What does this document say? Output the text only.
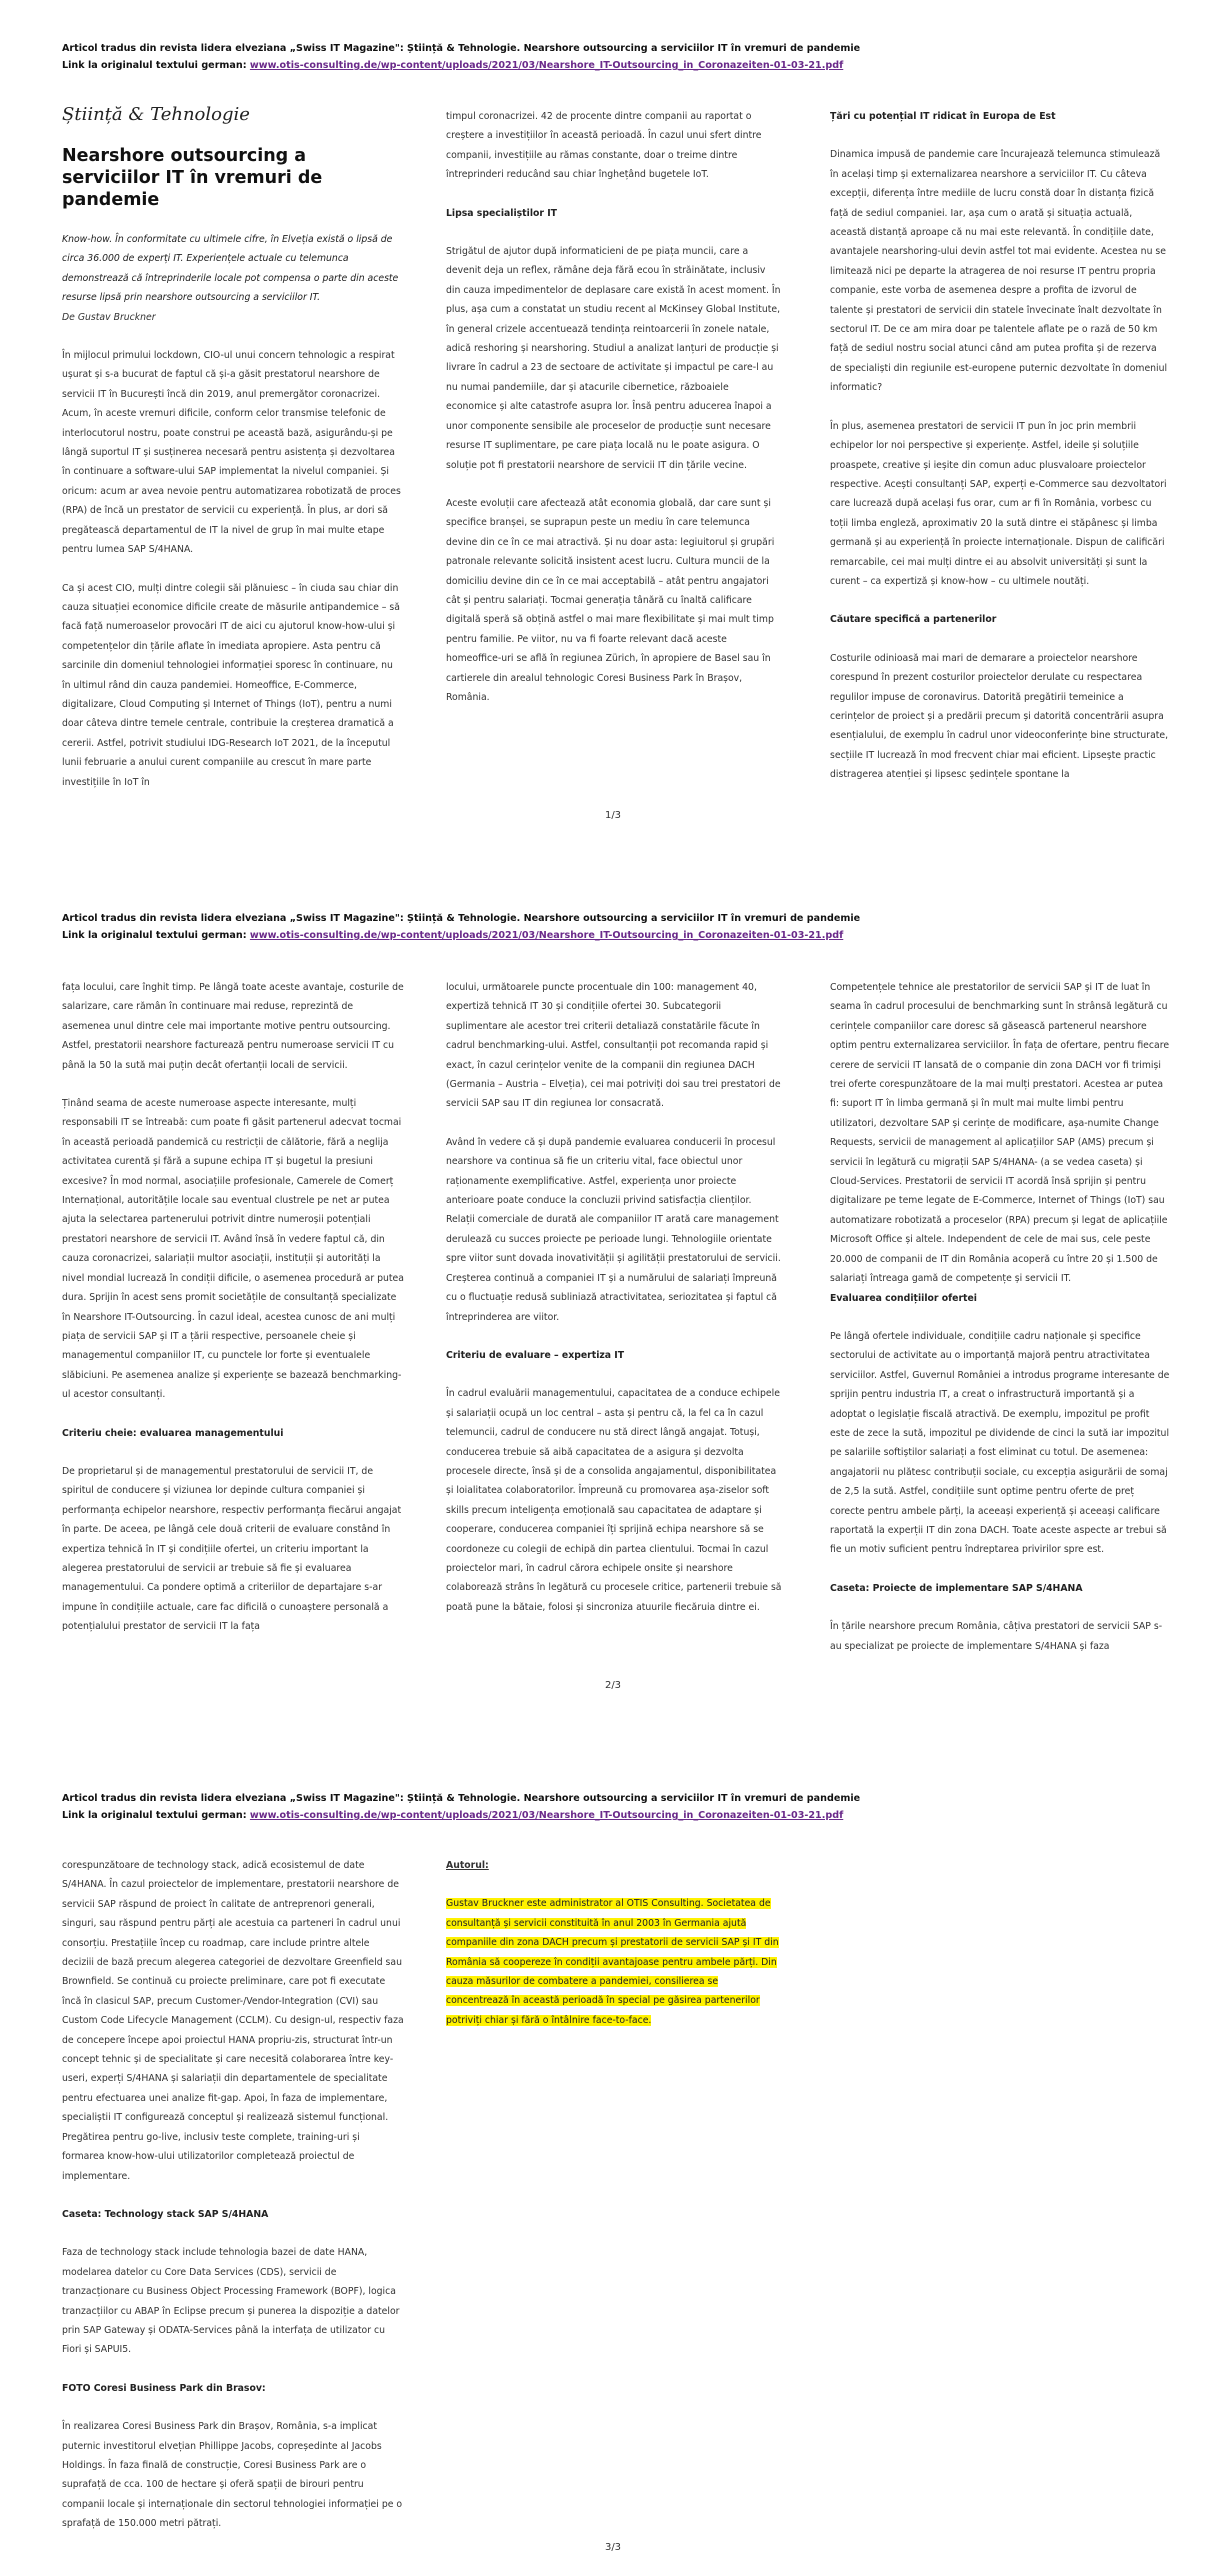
Articol tradus din revista lidera elveziana „Swiss IT Magazine": Știință & Tehnologie. Nearshore outsourcing a serviciilor IT în vremuri de pandemie
Link la originalul textului german: www.otis-consulting.de/wp-content/uploads/2021/03/Nearshore_IT-Outsourcing_in_Coronazeiten-01-03-21.pdf

Știință & Tehnologie

Nearshore outsourcing a serviciilor IT în vremuri de pandemie

Know-how. În conformitate cu ultimele cifre, în Elveția există o lipsă de circa 36.000 de experți IT. Experiențele actuale cu telemunca demonstrează că întreprinderile locale pot compensa o parte din aceste resurse lipsă prin nearshore outsourcing a serviciilor IT.

De Gustav Bruckner

În mijlocul primului lockdown, CIO-ul unui concern tehnologic a respirat ușurat și s-a bucurat de faptul că și-a găsit prestatorul nearshore de servicii IT în București încă din 2019, anul premergător coronacrizei. Acum, în aceste vremuri dificile, conform celor transmise telefonic de interlocutorul nostru, poate construi pe această bază, asigurându-și pe lângă suportul IT și susținerea necesară pentru asistența și dezvoltarea în continuare a software-ului SAP implementat la nivelul companiei. Și oricum: acum ar avea nevoie pentru automatizarea robotizată de proces (RPA) de încă un prestator de servicii cu experiență. În plus, ar dori să pregătească departamentul de IT la nivel de grup în mai multe etape pentru lumea SAP S/4HANA.

Ca și acest CIO, mulți dintre colegii săi plănuiesc – în ciuda sau chiar din cauza situației economice dificile create de măsurile antipandemice – să facă față numeroaselor provocări IT de aici cu ajutorul know-how-ului și competențelor din țările aflate în imediata apropiere. Asta pentru că sarcinile din domeniul tehnologiei informației sporesc în continuare, nu în ultimul rând din cauza pandemiei. Homeoffice, E-Commerce, digitalizare, Cloud Computing și Internet of Things (IoT), pentru a numi doar câteva dintre temele centrale, contribuie la creșterea dramatică a cererii. Astfel, potrivit studiului IDG-Research IoT 2021, de la începutul lunii februarie a anului curent companiile au crescut în mare parte investițiile în IoT în

timpul coronacrizei. 42 de procente dintre companii au raportat o creștere a investițiilor în această perioadă. În cazul unui sfert dintre companii, investițiile au rămas constante, doar o treime dintre întreprinderi reducând sau chiar înghețând bugetele IoT.

Lipsa specialiștilor IT

Strigătul de ajutor după informaticieni de pe piața muncii, care a devenit deja un reflex, rămâne deja fără ecou în străinătate, inclusiv din cauza impedimentelor de deplasare care există în acest moment. În plus, așa cum a constatat un studiu recent al McKinsey Global Institute, în general crizele accentuează tendința reintoarcerii în zonele natale, adică reshoring și nearshoring. Studiul a analizat lanțuri de producție și livrare în cadrul a 23 de sectoare de activitate și impactul pe care-l au nu numai pandemiile, dar și atacurile cibernetice, războaiele economice și alte catastrofe asupra lor. Însă pentru aducerea înapoi a unor componente sensibile ale proceselor de producție sunt necesare resurse IT suplimentare, pe care piața locală nu le poate asigura. O soluție pot fi prestatorii nearshore de servicii IT din țările vecine.

Aceste evoluții care afectează atât economia globală, dar care sunt și specifice branșei, se suprapun peste un mediu în care telemunca devine din ce în ce mai atractivă. Și nu doar asta: legiuitorul și grupări patronale relevante solicită insistent acest lucru. Cultura muncii de la domiciliu devine din ce în ce mai acceptabilă – atât pentru angajatori cât și pentru salariați. Tocmai generația tânără cu înaltă calificare digitală speră să obțină astfel o mai mare flexibilitate și mai mult timp pentru familie. Pe viitor, nu va fi foarte relevant dacă aceste homeoffice-uri se află în regiunea Zürich, în apropiere de Basel sau în cartierele din arealul tehnologic Coresi Business Park în Brașov, România.

Țări cu potențial IT ridicat în Europa de Est

Dinamica impusă de pandemie care încurajează telemunca stimulează în același timp și externalizarea nearshore a serviciilor IT. Cu câteva excepții, diferența între mediile de lucru constă doar în distanța fizică față de sediul companiei. Iar, așa cum o arată și situația actuală, această distanță aproape că nu mai este relevantă. În condițiile date, avantajele nearshoring-ului devin astfel tot mai evidente. Acestea nu se limitează nici pe departe la atragerea de noi resurse IT pentru propria companie, este vorba de asemenea despre a profita de izvorul de talente și prestatori de servicii din statele învecinate înalt dezvoltate în sectorul IT. De ce am mira doar pe talentele aflate pe o rază de 50 km față de sediul nostru social atunci când am putea profita și de rezerva de specialiști din regiunile est-europene puternic dezvoltate în domeniul informatic?

În plus, asemenea prestatori de servicii IT pun în joc prin membrii echipelor lor noi perspective și experiențe. Astfel, ideile și soluțiile proaspete, creative și ieșite din comun aduc plusvaloare proiectelor respective. Acești consultanți SAP, experți e-Commerce sau dezvoltatori care lucrează după același fus orar, cum ar fi în România, vorbesc cu toții limba engleză, aproximativ 20 la sută dintre ei stăpânesc și limba germană și au experiență în proiecte internaționale. Dispun de calificări remarcabile, cei mai mulți dintre ei au absolvit universități și sunt la curent – ca expertiză și know-how – cu ultimele noutăți.

Căutare specifică a partenerilor

Costurile odinioasă mai mari de demarare a proiectelor nearshore corespund în prezent costurilor proiectelor derulate cu respectarea regulilor impuse de coronavirus. Datorită pregătirii temeinice a cerințelor de proiect și a predării precum și datorită concentrării asupra esențialului, de exemplu în cadrul unor videoconferințe bine structurate, secțiile IT lucrează în mod frecvent chiar mai eficient. Lipsește practic distragerea atenției și lipsesc ședințele spontane la

1/3
Articol tradus din revista lidera elveziana „Swiss IT Magazine": Știință & Tehnologie. Nearshore outsourcing a serviciilor IT în vremuri de pandemie
Link la originalul textului german: www.otis-consulting.de/wp-content/uploads/2021/03/Nearshore_IT-Outsourcing_in_Coronazeiten-01-03-21.pdf

fața locului, care înghit timp. Pe lângă toate aceste avantaje, costurile de salarizare, care rămân în continuare mai reduse, reprezintă de asemenea unul dintre cele mai importante motive pentru outsourcing. Astfel, prestatorii nearshore facturează pentru numeroase servicii IT cu până la 50 la sută mai puțin decât ofertanții locali de servicii.

Ținând seama de aceste numeroase aspecte interesante, mulți responsabili IT se întreabă: cum poate fi găsit partenerul adecvat tocmai în această perioadă pandemică cu restricții de călătorie, fără a neglija activitatea curentă și fără a supune echipa IT și bugetul la presiuni excesive? În mod normal, asociațiile profesionale, Camerele de Comerț Internațional, autoritățile locale sau eventual clustrele pe net ar putea ajuta la selectarea partenerului potrivit dintre numeroșii potențiali prestatori nearshore de servicii IT. Având însă în vedere faptul că, din cauza coronacrizei, salariații multor asociații, instituții și autorități la nivel mondial lucrează în condiții dificile, o asemenea procedură ar putea dura. Sprijin în acest sens promit societățile de consultanță specializate în Nearshore IT-Outsourcing. În cazul ideal, acestea cunosc de ani mulți piața de servicii SAP și IT a țării respective, persoanele cheie și managementul companiilor IT, cu punctele lor forte și eventualele slăbiciuni. Pe asemenea analize și experiențe se bazează benchmarking-ul acestor consultanți.

Criteriu cheie: evaluarea managementului

De proprietarul și de managementul prestatorului de servicii IT, de spiritul de conducere și viziunea lor depinde cultura companiei și performanța echipelor nearshore, respectiv performanța fiecărui angajat în parte. De aceea, pe lângă cele două criterii de evaluare constând în expertiza tehnică în IT și condițiile ofertei, un criteriu important la alegerea prestatorului de servicii ar trebuie să fie și evaluarea managementului. Ca pondere optimă a criteriilor de departajare s-ar impune în condițiile actuale, care fac dificilă o cunoaștere personală a potențialului prestator de servicii IT la fața

locului, următoarele puncte procentuale din 100: management 40, expertiză tehnică IT 30 și condițiile ofertei 30. Subcategorii suplimentare ale acestor trei criterii detaliază constatările făcute în cadrul benchmarking-ului. Astfel, consultanții pot recomanda rapid și exact, în cazul cerințelor venite de la companii din regiunea DACH (Germania – Austria – Elveția), cei mai potriviți doi sau trei prestatori de servicii SAP sau IT din regiunea lor consacrată.

Având în vedere că și după pandemie evaluarea conducerii în procesul nearshore va continua să fie un criteriu vital, face obiectul unor raționamente exemplificative. Astfel, experiența unor proiecte anterioare poate conduce la concluzii privind satisfacția clienților. Relații comerciale de durată ale companiilor IT arată care management derulează cu succes proiecte pe perioade lungi. Tehnologiile orientate spre viitor sunt dovada inovativității și agilității prestatorului de servicii. Creșterea continuă a companiei IT și a numărului de salariați împreună cu o fluctuație redusă subliniază atractivitatea, seriozitatea și faptul că întreprinderea are viitor.

Criteriu de evaluare – expertiza IT

În cadrul evaluării managementului, capacitatea de a conduce echipele și salariații ocupă un loc central – asta și pentru că, la fel ca în cazul telemuncii, cadrul de conducere nu stă direct lângă angajat. Totuși, conducerea trebuie să aibă capacitatea de a asigura și dezvolta procesele directe, însă și de a consolida angajamentul, disponibilitatea și loialitatea colaboratorilor. Împreună cu promovarea așa-ziselor soft skills precum inteligența emoțională sau capacitatea de adaptare și cooperare, conducerea companiei îți sprijină echipa nearshore să se coordoneze cu colegii de echipă din partea clientului. Tocmai în cazul proiectelor mari, în cadrul cărora echipele onsite și nearshore colaborează strâns în legătură cu procesele critice, partenerii trebuie să poată pune la bătaie, folosi și sincroniza atuurile fiecăruia dintre ei.

Competențele tehnice ale prestatorilor de servicii SAP și IT de luat în seama în cadrul procesului de benchmarking sunt în strânsă legătură cu cerințele companiilor care doresc să găsească partenerul nearshore optim pentru externalizarea serviciilor. În fața de ofertare, pentru fiecare cerere de servicii IT lansată de o companie din zona DACH vor fi trimiși trei oferte corespunzătoare de la mai mulți prestatori. Acestea ar putea fi: suport IT în limba germană și în mult mai multe limbi pentru utilizatori, dezvoltare SAP și cerințe de modificare, așa-numite Change Requests, servicii de management al aplicațiilor SAP (AMS) precum și servicii în legătură cu migrații SAP S/4HANA- (a se vedea caseta) și Cloud-Services. Prestatorii de servicii IT acordă însă sprijin și pentru digitalizare pe teme legate de E-Commerce, Internet of Things (IoT) sau automatizare robotizată a proceselor (RPA) precum și legat de aplicațiile Microsoft Office și altele. Independent de cele de mai sus, cele peste 20.000 de companii de IT din România acoperă cu între 20 și 1.500 de salariați întreaga gamă de competențe și servicii IT.

Evaluarea condițiilor ofertei

Pe lângă ofertele individuale, condițiile cadru naționale și specifice sectorului de activitate au o importanță majoră pentru atractivitatea serviciilor. Astfel, Guvernul României a introdus programe interesante de sprijin pentru industria IT, a creat o infrastructură importantă și a adoptat o legislație fiscală atractivă. De exemplu, impozitul pe profit este de zece la sută, impozitul pe dividende de cinci la sută iar impozitul pe salariile softiștilor salariați a fost eliminat cu totul. De asemenea: angajatorii nu plătesc contribuții sociale, cu excepția asigurării de somaj de 2,5 la sută. Astfel, condițiile sunt optime pentru oferte de preț corecte pentru ambele părți, la aceeași experiență și aceeași calificare raportată la experții IT din zona DACH. Toate aceste aspecte ar trebui să fie un motiv suficient pentru îndreptarea privirilor spre est.

Caseta: Proiecte de implementare SAP S/4HANA

În țările nearshore precum România, câțiva prestatori de servicii SAP s-au specializat pe proiecte de implementare S/4HANA și faza

2/3
Articol tradus din revista lidera elveziana „Swiss IT Magazine": Știință & Tehnologie. Nearshore outsourcing a serviciilor IT în vremuri de pandemie
Link la originalul textului german: www.otis-consulting.de/wp-content/uploads/2021/03/Nearshore_IT-Outsourcing_in_Coronazeiten-01-03-21.pdf

corespunzătoare de technology stack, adică ecosistemul de date S/4HANA. În cazul proiectelor de implementare, prestatorii nearshore de servicii SAP răspund de proiect în calitate de antreprenori generali, singuri, sau răspund pentru părți ale acestuia ca parteneri în cadrul unui consorțiu. Prestațiile încep cu roadmap, care include printre altele deciziii de bază precum alegerea categoriei de dezvoltare Greenfield sau Brownfield. Se continuă cu proiecte preliminare, care pot fi executate încă în clasicul SAP, precum Customer-/Vendor-Integration (CVI) sau Custom Code Lifecycle Management (CCLM). Cu design-ul, respectiv faza de concepere începe apoi proiectul HANA propriu-zis, structurat într-un concept tehnic și de specialitate și care necesită colaborarea între key-useri, experți S/4HANA și salariații din departamentele de specialitate pentru efectuarea unei analize fit-gap. Apoi, în faza de implementare, specialiștii IT configurează conceptul și realizează sistemul funcțional. Pregătirea pentru go-live, inclusiv teste complete, training-uri și formarea know-how-ului utilizatorilor completează proiectul de implementare.

Caseta: Technology stack SAP S/4HANA

Faza de technology stack include tehnologia bazei de date HANA, modelarea datelor cu Core Data Services (CDS), servicii de tranzacționare cu Business Object Processing Framework (BOPF), logica tranzacțiilor cu ABAP în Eclipse precum și punerea la dispoziție a datelor prin SAP Gateway și ODATA-Services până la interfața de utilizator cu Fiori și SAPUI5.

FOTO Coresi Business Park din Brasov:

În realizarea Coresi Business Park din Brașov, România, s-a implicat puternic investitorul elvețian Phillippe Jacobs, copreședinte al Jacobs Holdings. În faza finală de construcție, Coresi Business Park are o suprafață de cca. 100 de hectare și oferă spații de birouri pentru companii locale și internaționale din sectorul tehnologiei informației pe o sprafață de 150.000 metri pătrați.

Autorul:

Gustav Bruckner este administrator al OTIS Consulting. Societatea de consultanță și servicii constituită în anul 2003 în Germania ajută companiile din zona DACH precum și prestatorii de servicii SAP și IT din România să coopereze în condiții avantajoase pentru ambele părți. Din cauza măsurilor de combatere a pandemiei, consilierea se concentrează în această perioadă în special pe găsirea partenerilor potriviți chiar și fără o întâlnire face-to-face.

3/3
